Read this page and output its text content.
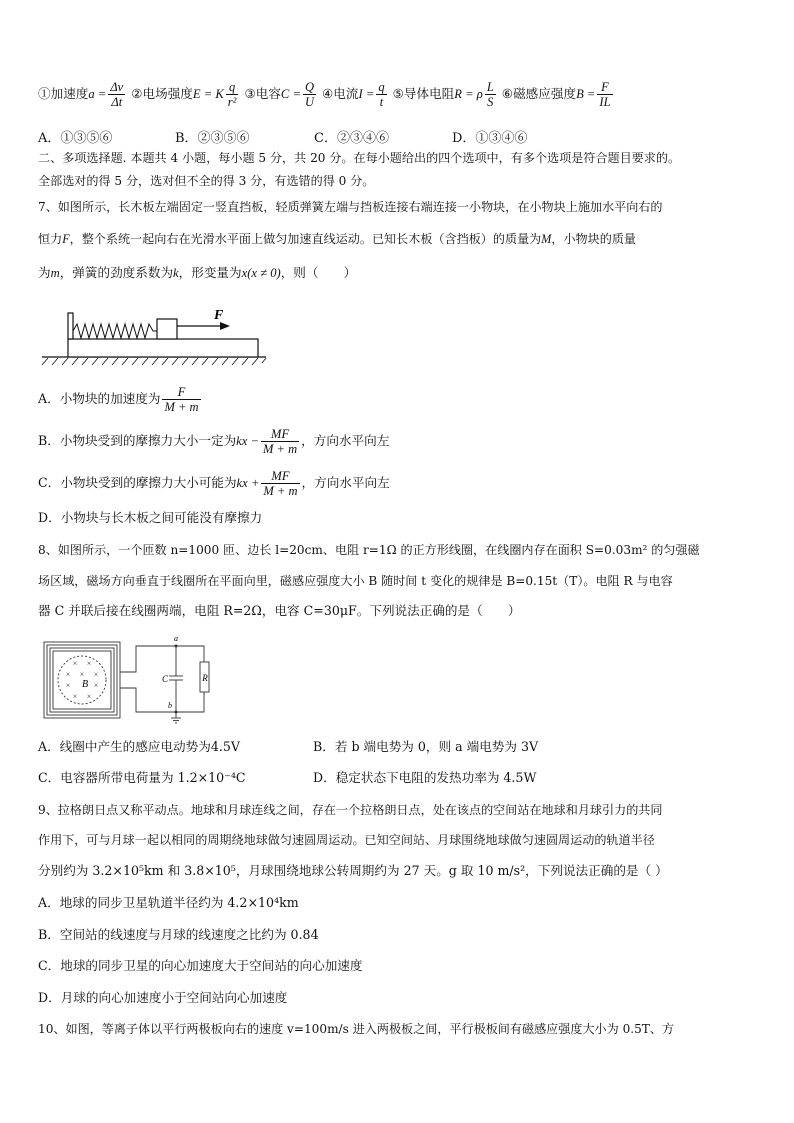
①加速度$a = \frac{\Delta v}{\Delta t}$ ②电场强度E = K $\frac{q}{\text{r²}}$ ③电容$C = \frac{Q}{U}$ ④电流$I = \frac{q}{t}$ ⑤导体电阻R = ρ $\frac{L}{S}$ ⑥磁感应强度$B = \frac{F}{IL}$
A．①③⑤⑥	B．②③⑤⑥	C．②③④⑥	D．①③④⑥
二、多项选择题. 本题共 4 小题，每小题 5 分，共 20 分。在每小题给出的四个选项中，有多个选项是符合题目要求的。
全部选对的得 5 分，选对但不全的得 3 分，有选错的得 0 分。
7、如图所示，长木板左端固定一竖直挡板，轻质弹簧左端与挡板连接右端连接一小物块，在小物块上施加水平向右的
恒力F，整个系统一起向右在光滑水平面上做匀加速直线运动。已知长木板（含挡板）的质量为M，小物块的质量
为m，弹簧的劲度系数为k，形变量为x(x ≠ 0)，则（　　）
F
A．小物块的加速度为 $\frac{F}{M + m}$
B．小物块受到的摩擦力大小一定为kx − $\frac{MF}{M + m}$ ，方向水平向左
C．小物块受到的摩擦力大小可能为kx + $\frac{MF}{M + m}$ ，方向水平向左
D．小物块与长木板之间可能没有摩擦力
8、如图所示，一个匝数 n=1000 匝、边长 l=20cm、电阻 r=1Ω 的正方形线圈，在线圈内存在面积 S=0.03m² 的匀强磁
场区域，磁场方向垂直于线圈所在平面向里，磁感应强度大小 B 随时间 t 变化的规律是 B=0.15t（T）。电阻 R 与电容
器 C 并联后接在线圈两端，电阻 R=2Ω，电容 C=30μF。下列说法正确的是（　　）
× ×
× × ×
×	×
× ×
B
R
C
a
b
A．线圈中产生的感应电动势为4.5V	B．若 b 端电势为 0，则 a 端电势为 3V
C．电容器所带电荷量为 1.2×10⁻⁴C	D．稳定状态下电阻的发热功率为 4.5W
9、拉格朗日点又称平动点。地球和月球连线之间，存在一个拉格朗日点，处在该点的空间站在地球和月球引力的共同
作用下，可与月球一起以相同的周期绕地球做匀速圆周运动。已知空间站、月球围绕地球做匀速圆周运动的轨道半径
分别约为 3.2×10⁵km 和 3.8×10⁵，月球围绕地球公转周期约为 27 天。g 取 10 m/s²，下列说法正确的是（ ）
A．地球的同步卫星轨道半径约为 4.2×10⁴km
B．空间站的线速度与月球的线速度之比约为 0.84
C．地球的同步卫星的向心加速度大于空间站的向心加速度
D．月球的向心加速度小于空间站向心加速度
10、如图，等离子体以平行两极板向右的速度 v=100m/s 进入两极板之间，平行极板间有磁感应强度大小为 0.5T、方
